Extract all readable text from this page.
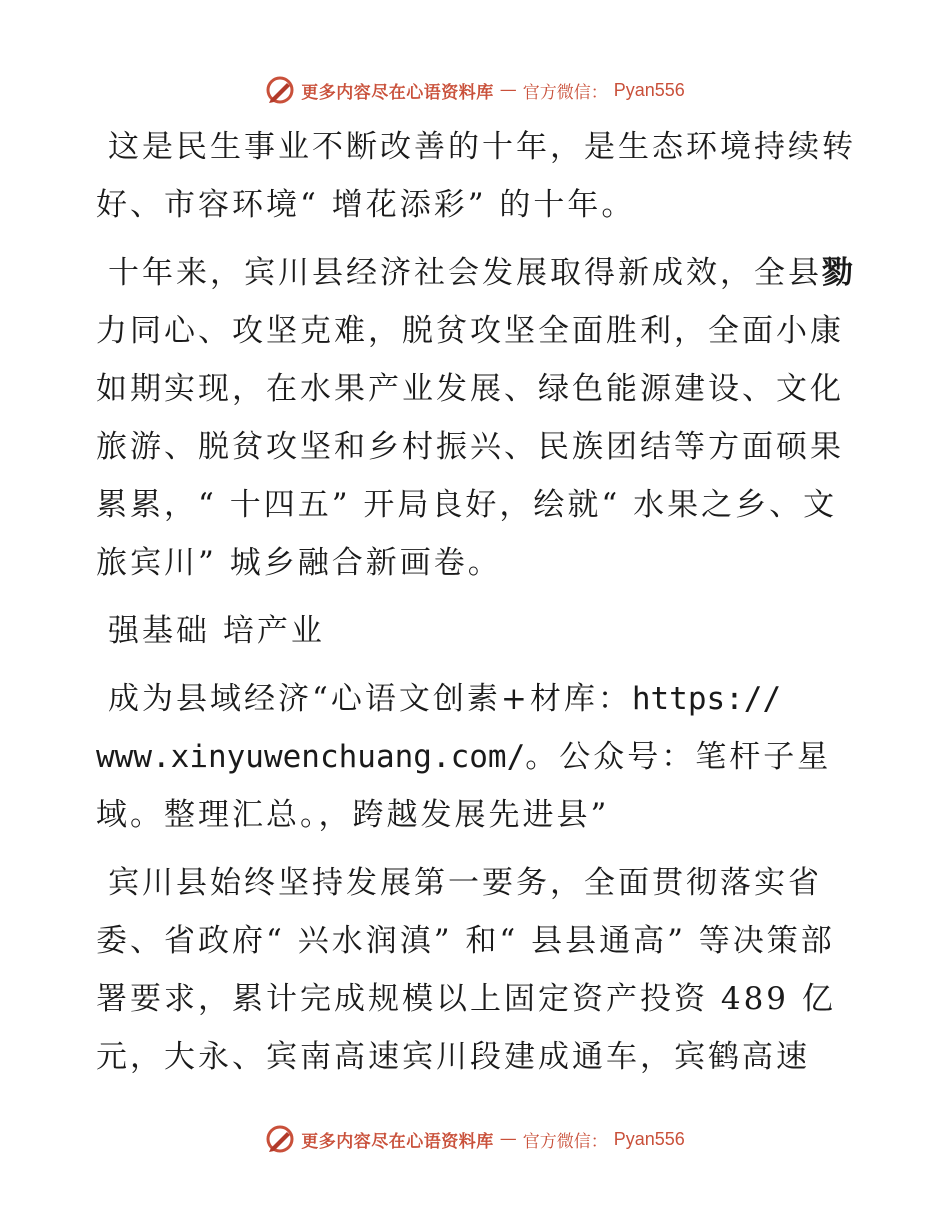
更多内容尽在心语资料库 — 官方微信： Pyan556

这是民生事业不断改善的十年，是生态环境持续转好、市容环境“ 增花添彩” 的十年。

十年来，宾川县经济社会发展取得新成效，全县勠力同心、攻坚克难，脱贫攻坚全面胜利，全面小康如期实现，在水果产业发展、绿色能源建设、文化旅游、脱贫攻坚和乡村振兴、民族团结等方面硕果累累，“ 十四五” 开局良好，绘就“ 水果之乡、文旅宾川” 城乡融合新画卷。

强基础 培产业

成为县域经济“心语文创素+材库：https://
www.xinyuwenchuang.com/。公众号：笔杆子星域。整理汇总。，跨越发展先进县”

宾川县始终坚持发展第一要务，全面贯彻落实省委、省政府“ 兴水润滇” 和“ 县县通高” 等决策部署要求，累计完成规模以上固定资产投资 489 亿元，大永、宾南高速宾川段建成通车，宾鹤高速

更多内容尽在心语资料库 — 官方微信： Pyan556
